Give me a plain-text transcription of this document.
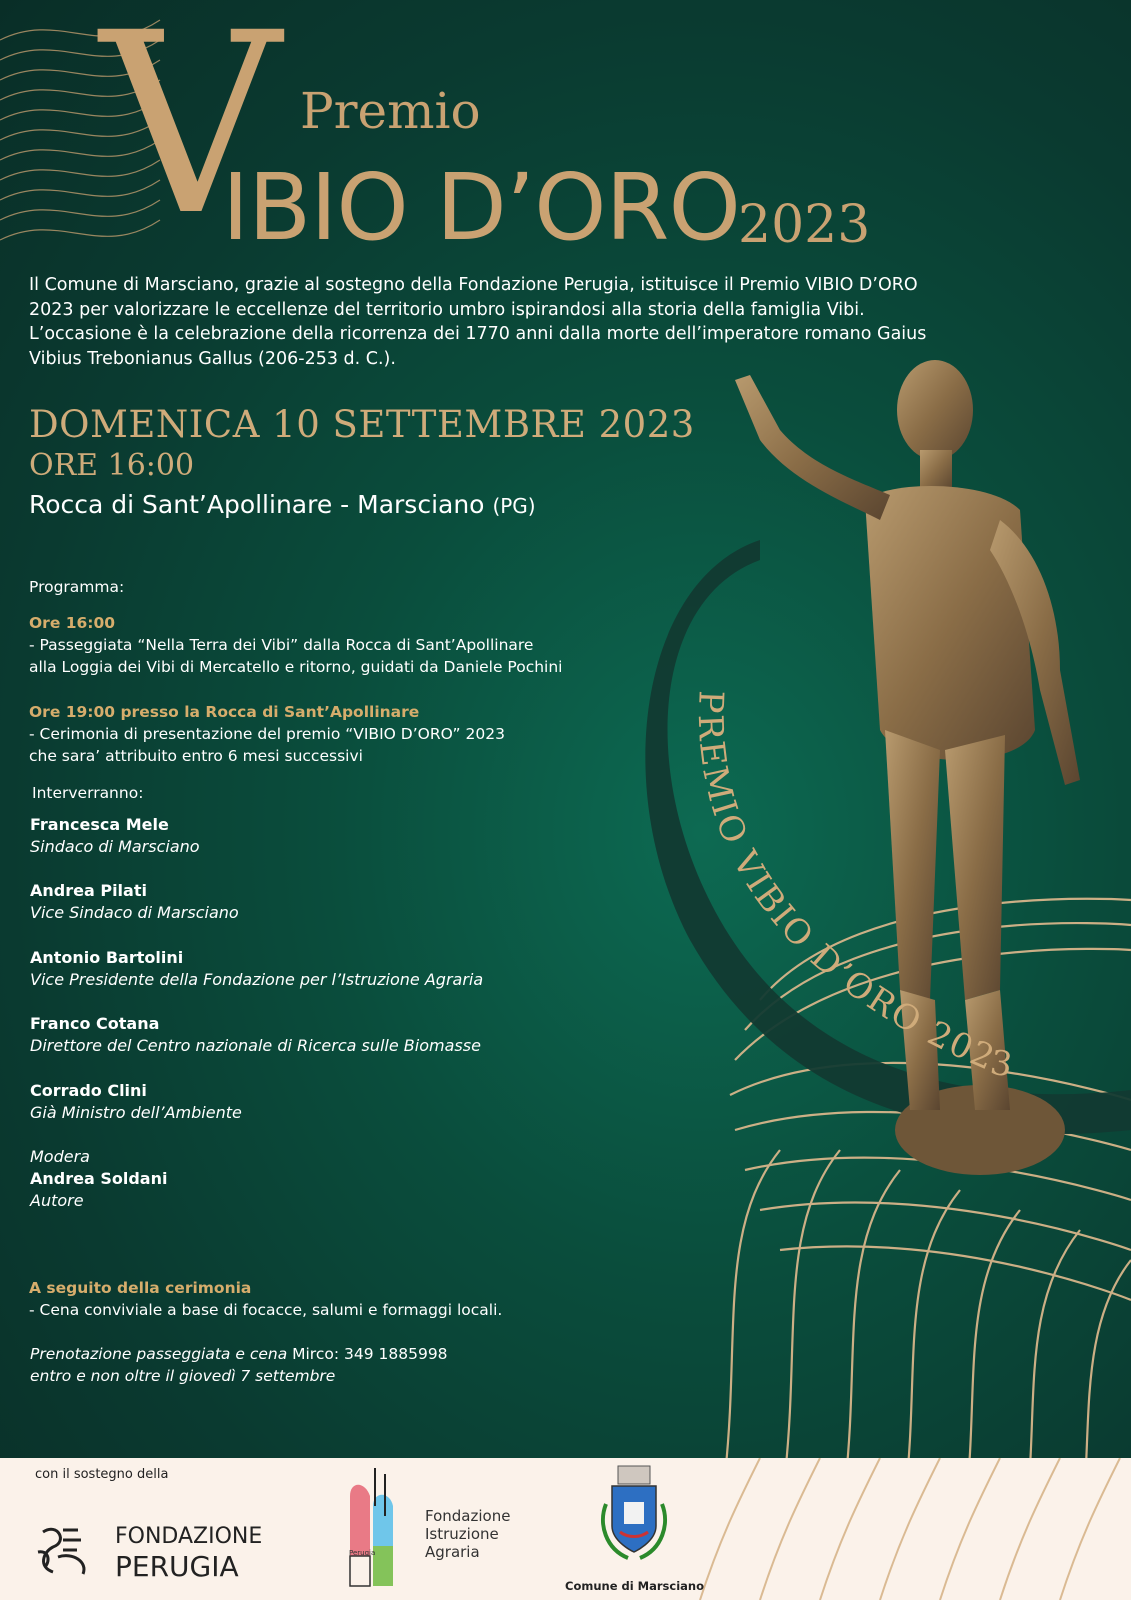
PREMIO VIBIO D’ORO 2023
V Premio
IBIO D’ORO
2023
Il Comune di Marsciano, grazie al sostegno della Fondazione Perugia, istituisce il Premio VIBIO D’ORO
2023 per valorizzare le eccellenze del territorio umbro ispirandosi alla storia della famiglia Vibi.
L’occasione è la celebrazione della ricorrenza dei 1770 anni dalla morte dell’imperatore romano Gaius
Vibius Trebonianus Gallus (206-253 d. C.).
DOMENICA 10 SETTEMBRE 2023
ORE 16:00
Rocca di Sant’Apollinare - Marsciano (PG)
Programma:
Ore 16:00
- Passeggiata “Nella Terra dei Vibi” dalla Rocca di Sant’Apollinare
alla Loggia dei Vibi di Mercatello e ritorno, guidati da Daniele Pochini
Ore 19:00 presso la Rocca di Sant’Apollinare
- Cerimonia di presentazione del premio “VIBIO D’ORO” 2023
che sara’ attribuito entro 6 mesi successivi
Interverranno:
Francesca Mele
Sindaco di Marsciano
Andrea Pilati
Vice Sindaco di Marsciano
Antonio Bartolini
Vice Presidente della Fondazione per l’Istruzione Agraria
Franco Cotana
Direttore del Centro nazionale di Ricerca sulle Biomasse
Corrado Clini
Già Ministro dell’Ambiente
Modera
Andrea Soldani
Autore
A seguito della cerimonia
- Cena conviviale a base di focacce, salumi e formaggi locali.
Prenotazione passeggiata e cena Mirco: 349 1885998
entro e non oltre il giovedì 7 settembre
con il sostegno della
FONDAZIONE
PERUGIA	Perugia
Fondazione
Istruzione
Agraria
Comune di Marsciano
